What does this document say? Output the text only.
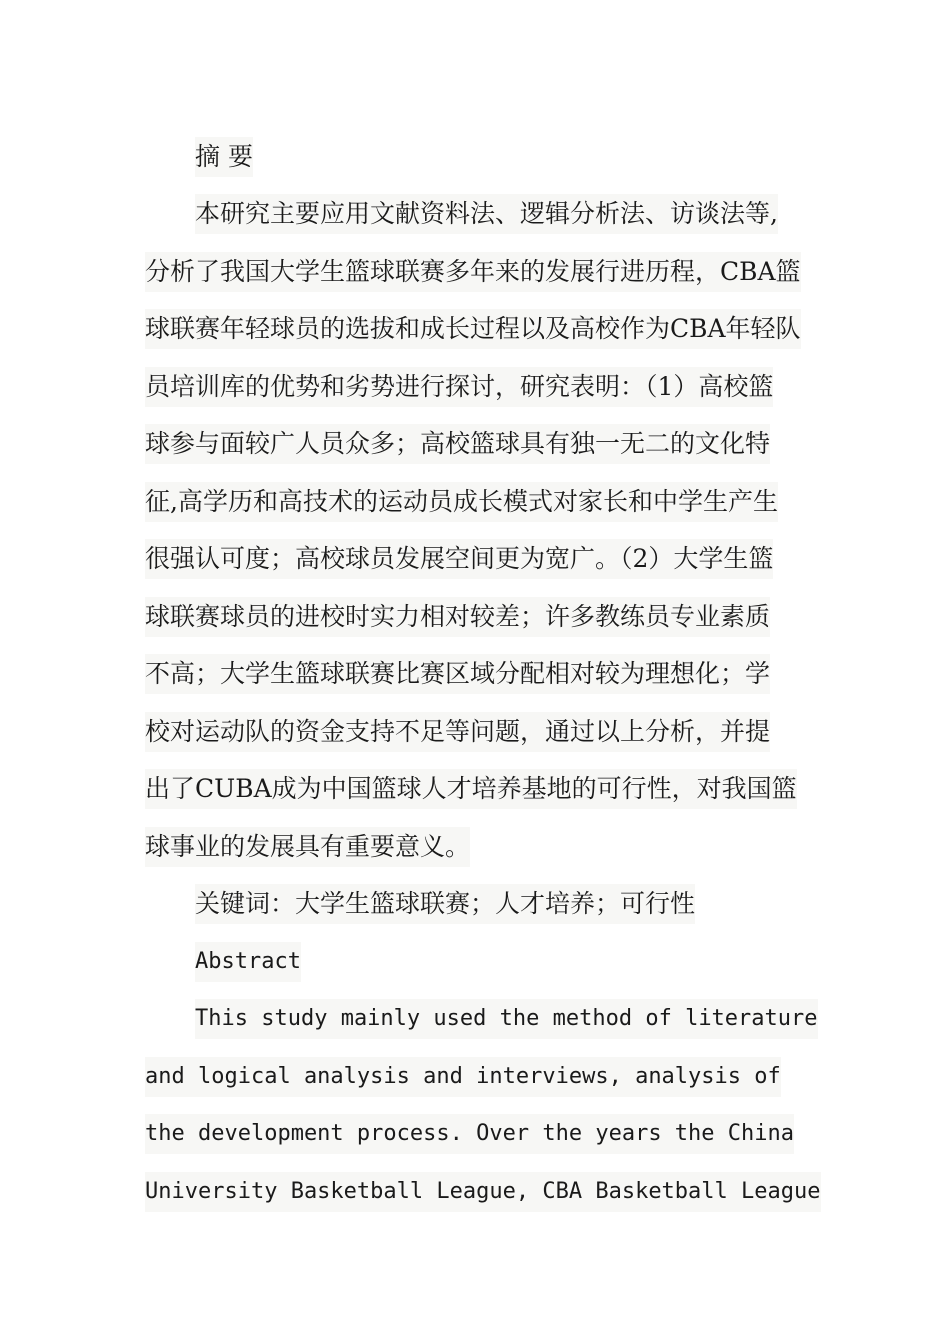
摘 要
本研究主要应用文献资料法、逻辑分析法、访谈法等,
分析了我国大学生篮球联赛多年来的发展行进历程，CBA篮
球联赛年轻球员的选拔和成长过程以及高校作为CBA年轻队
员培训库的优势和劣势进行探讨，研究表明：（1）高校篮
球参与面较广人员众多；高校篮球具有独一无二的文化特
征,高学历和高技术的运动员成长模式对家长和中学生产生
很强认可度；高校球员发展空间更为宽广。（2）大学生篮
球联赛球员的进校时实力相对较差；许多教练员专业素质
不高；大学生篮球联赛比赛区域分配相对较为理想化；学
校对运动队的资金支持不足等问题，通过以上分析，并提
出了CUBA成为中国篮球人才培养基地的可行性，对我国篮
球事业的发展具有重要意义。
关键词：大学生篮球联赛；人才培养；可行性
Abstract
This study mainly used the method of literature
and logical analysis and interviews, analysis of
the development process. Over the years the China
University Basketball League, CBA Basketball League
